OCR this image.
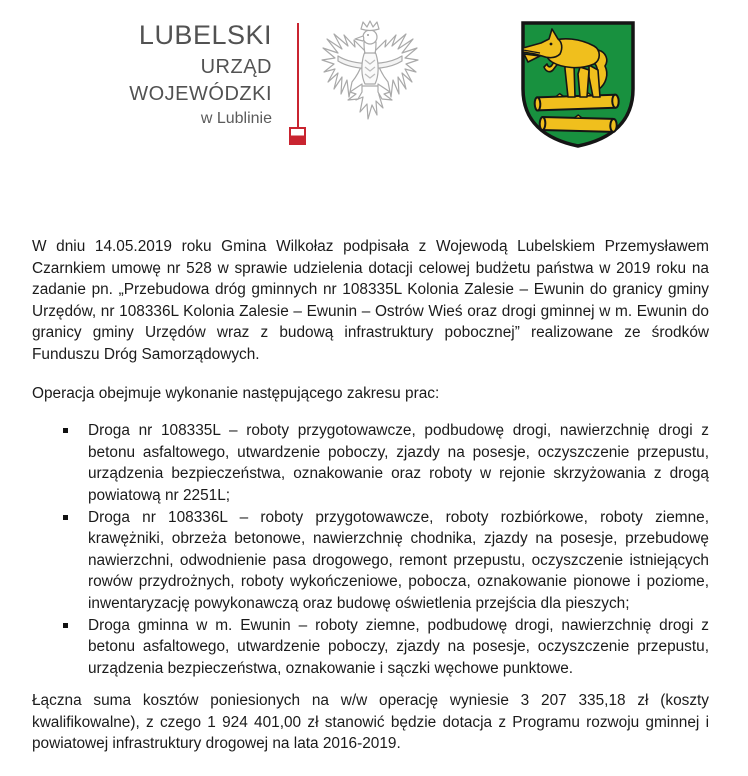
LUBELSKI
URZĄD
WOJEWÓDZKI
w Lublinie

W dniu 14.05.2019 roku Gmina Wilkołaz podpisała z Wojewodą Lubelskiem Przemysławem Czarnkiem umowę nr 528 w sprawie udzielenia dotacji celowej budżetu państwa w 2019 roku na zadanie pn. „Przebudowa dróg gminnych nr 108335L Kolonia Zalesie – Ewunin do granicy gminy Urzędów, nr 108336L Kolonia Zalesie – Ewunin – Ostrów Wieś oraz drogi gminnej w m. Ewunin do granicy gminy Urzędów wraz z budową infrastruktury pobocznej” realizowane ze środków Funduszu Dróg Samorządowych.

Operacja obejmuje wykonanie następującego zakresu prac:

Droga nr 108335L – roboty przygotowawcze, podbudowę drogi, nawierzchnię drogi z betonu asfaltowego, utwardzenie poboczy, zjazdy na posesje, oczyszczenie przepustu, urządzenia bezpieczeństwa, oznakowanie oraz roboty w rejonie skrzyżowania z drogą powiatową nr 2251L;
Droga nr 108336L – roboty przygotowawcze, roboty rozbiórkowe, roboty ziemne, krawężniki, obrzeża betonowe, nawierzchnię chodnika, zjazdy na posesje, przebudowę nawierzchni, odwodnienie pasa drogowego, remont przepustu, oczyszczenie istniejących rowów przydrożnych, roboty wykończeniowe, pobocza, oznakowanie pionowe i poziome, inwentaryzację powykonawczą oraz budowę oświetlenia przejścia dla pieszych;
Droga gminna w m. Ewunin – roboty ziemne, podbudowę drogi, nawierzchnię drogi z betonu asfaltowego, utwardzenie poboczy, zjazdy na posesje, oczyszczenie przepustu, urządzenia bezpieczeństwa, oznakowanie i sączki węchowe punktowe.

Łączna suma kosztów poniesionych na w/w operację wyniesie 3 207 335,18 zł (koszty kwalifikowalne), z czego 1 924 401,00 zł stanowić będzie dotacja z Programu rozwoju gminnej i powiatowej infrastruktury drogowej na lata 2016-2019.
